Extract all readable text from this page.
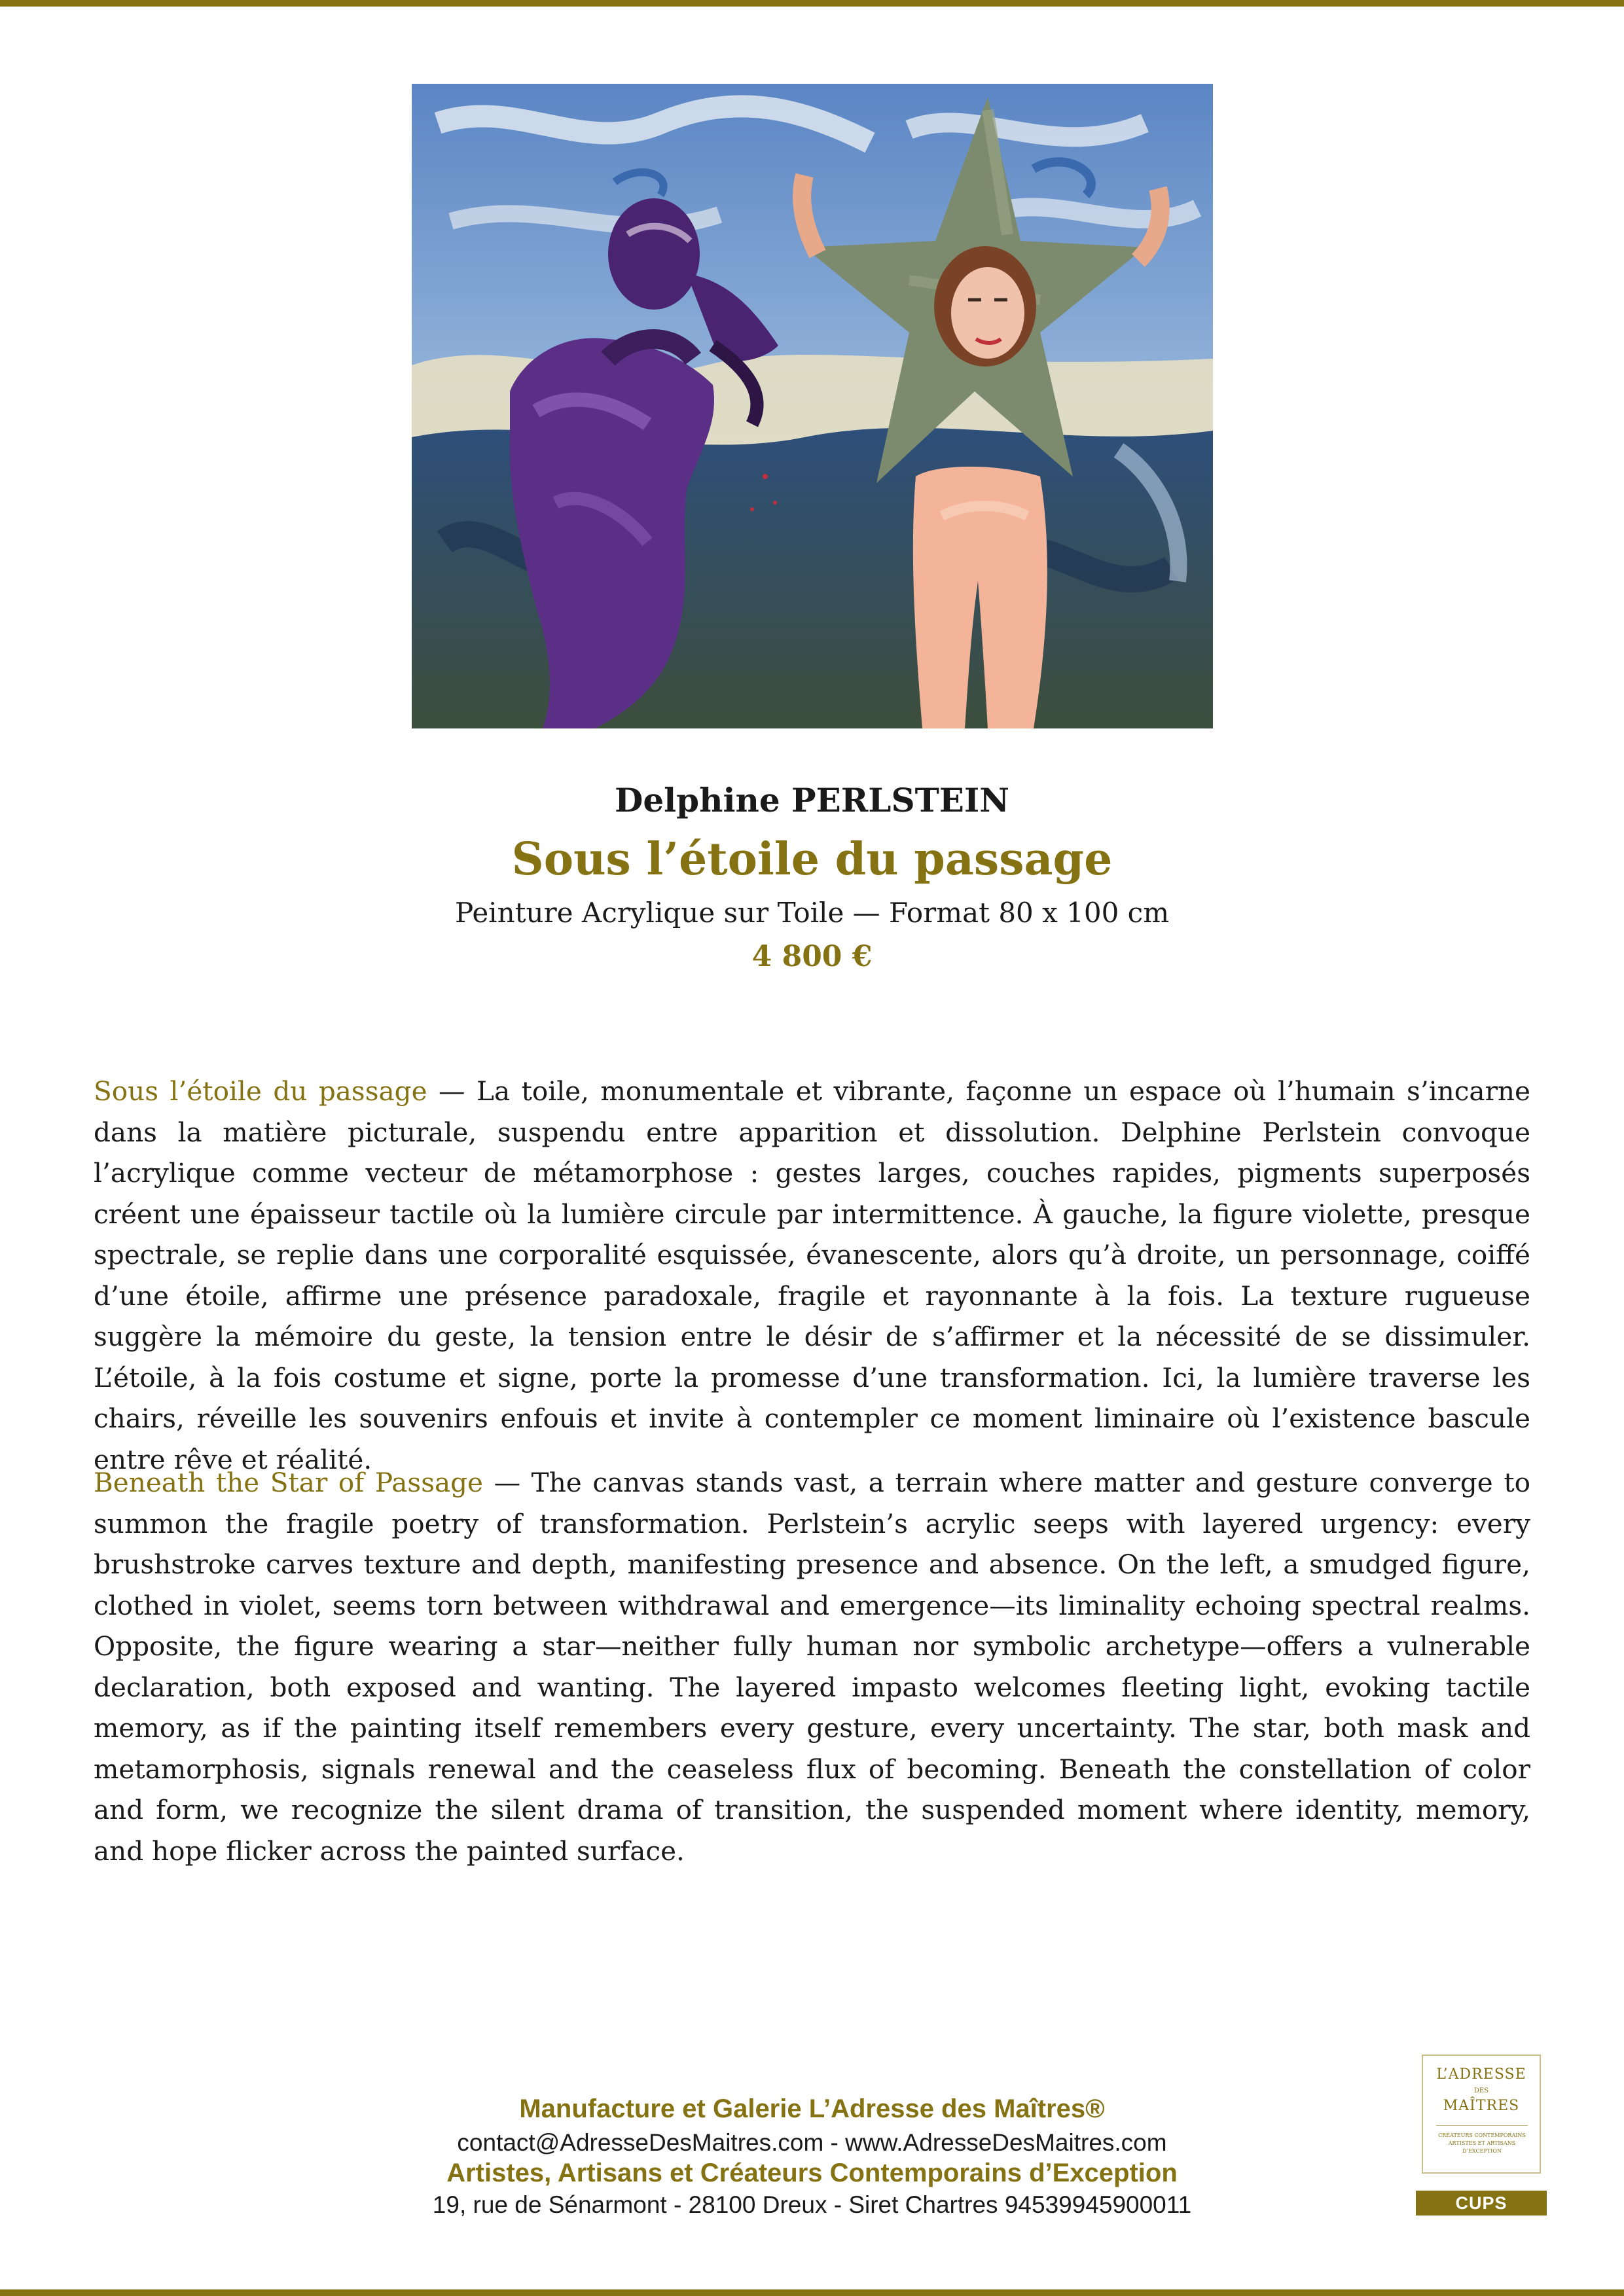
Delphine PERLSTEIN
Sous l’étoile du passage
Peinture Acrylique sur Toile — Format 80 x 100 cm
4 800 €

Sous l’étoile du passage — La toile, monumentale et vibrante, façonne un espace où l’humain s’incarne dans la matière picturale, suspendu entre apparition et dissolution. Delphine Perlstein convoque l’acrylique comme vecteur de métamorphose : gestes larges, couches rapides, pigments superposés créent une épaisseur tactile où la lumière circule par intermittence. À gauche, la figure violette, presque spectrale, se replie dans une corporalité esquissée, évanescente, alors qu’à droite, un personnage, coiffé d’une étoile, affirme une présence paradoxale, fragile et rayonnante à la fois. La texture rugueuse suggère la mémoire du geste, la tension entre le désir de s’affirmer et la nécessité de se dissimuler. L’étoile, à la fois costume et signe, porte la promesse d’une transformation. Ici, la lumière traverse les chairs, réveille les souvenirs enfouis et invite à contempler ce moment liminaire où l’existence bascule entre rêve et réalité.

Beneath the Star of Passage — The canvas stands vast, a terrain where matter and gesture converge to summon the fragile poetry of transformation. Perlstein’s acrylic seeps with layered urgency: every brushstroke carves texture and depth, manifesting presence and absence. On the left, a smudged figure, clothed in violet, seems torn between withdrawal and emergence—its liminality echoing spectral realms. Opposite, the figure wearing a star—neither fully human nor symbolic archetype—offers a vulnerable declaration, both exposed and wanting. The layered impasto welcomes fleeting light, evoking tactile memory, as if the painting itself remembers every gesture, every uncertainty. The star, both mask and metamorphosis, signals renewal and the ceaseless flux of becoming. Beneath the constellation of color and form, we recognize the silent drama of transition, the suspended moment where identity, memory, and hope flicker across the painted surface.

Manufacture et Galerie L’Adresse des Maîtres®
contact@AdresseDesMaitres.com - www.AdresseDesMaitres.com
Artistes, Artisans et Créateurs Contemporains d’Exception
19, rue de Sénarmont - 28100 Dreux - Siret Chartres 94539945900011
L’ADRESSE
DES
MAÎTRES
CRÉATEURS CONTEMPORAINS ARTISTES ET ARTISANS D’EXCEPTION
CUPS
